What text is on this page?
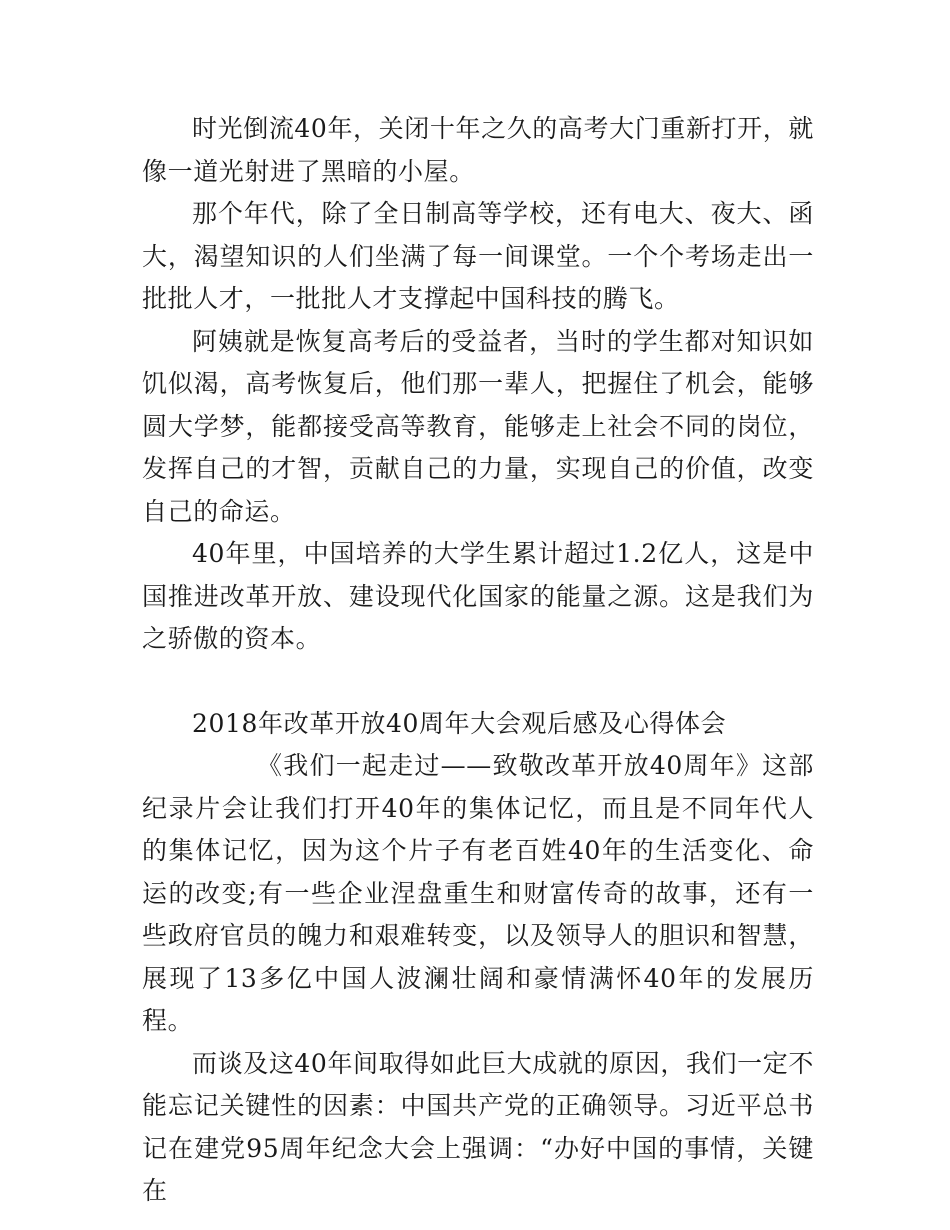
时光倒流40年，关闭十年之久的高考大门重新打开，就像一道光射进了黑暗的小屋。

那个年代，除了全日制高等学校，还有电大、夜大、函大，渴望知识的人们坐满了每一间课堂。一个个考场走出一批批人才，一批批人才支撑起中国科技的腾飞。

阿姨就是恢复高考后的受益者，当时的学生都对知识如饥似渴，高考恢复后，他们那一辈人，把握住了机会，能够圆大学梦，能都接受高等教育，能够走上社会不同的岗位，发挥自己的才智，贡献自己的力量，实现自己的价值，改变自己的命运。

40年里，中国培养的大学生累计超过1.2亿人，这是中国推进改革开放、建设现代化国家的能量之源。这是我们为之骄傲的资本。

2018年改革开放40周年大会观后感及心得体会

《我们一起走过——致敬改革开放40周年》这部纪录片会让我们打开40年的集体记忆，而且是不同年代人的集体记忆，因为这个片子有老百姓40年的生活变化、命运的改变;有一些企业涅盘重生和财富传奇的故事，还有一些政府官员的魄力和艰难转变，以及领导人的胆识和智慧，展现了13多亿中国人波澜壮阔和豪情满怀40年的发展历程。

而谈及这40年间取得如此巨大成就的原因，我们一定不能忘记关键性的因素：中国共产党的正确领导。习近平总书记在建党95周年纪念大会上强调：“办好中国的事情，关键在
